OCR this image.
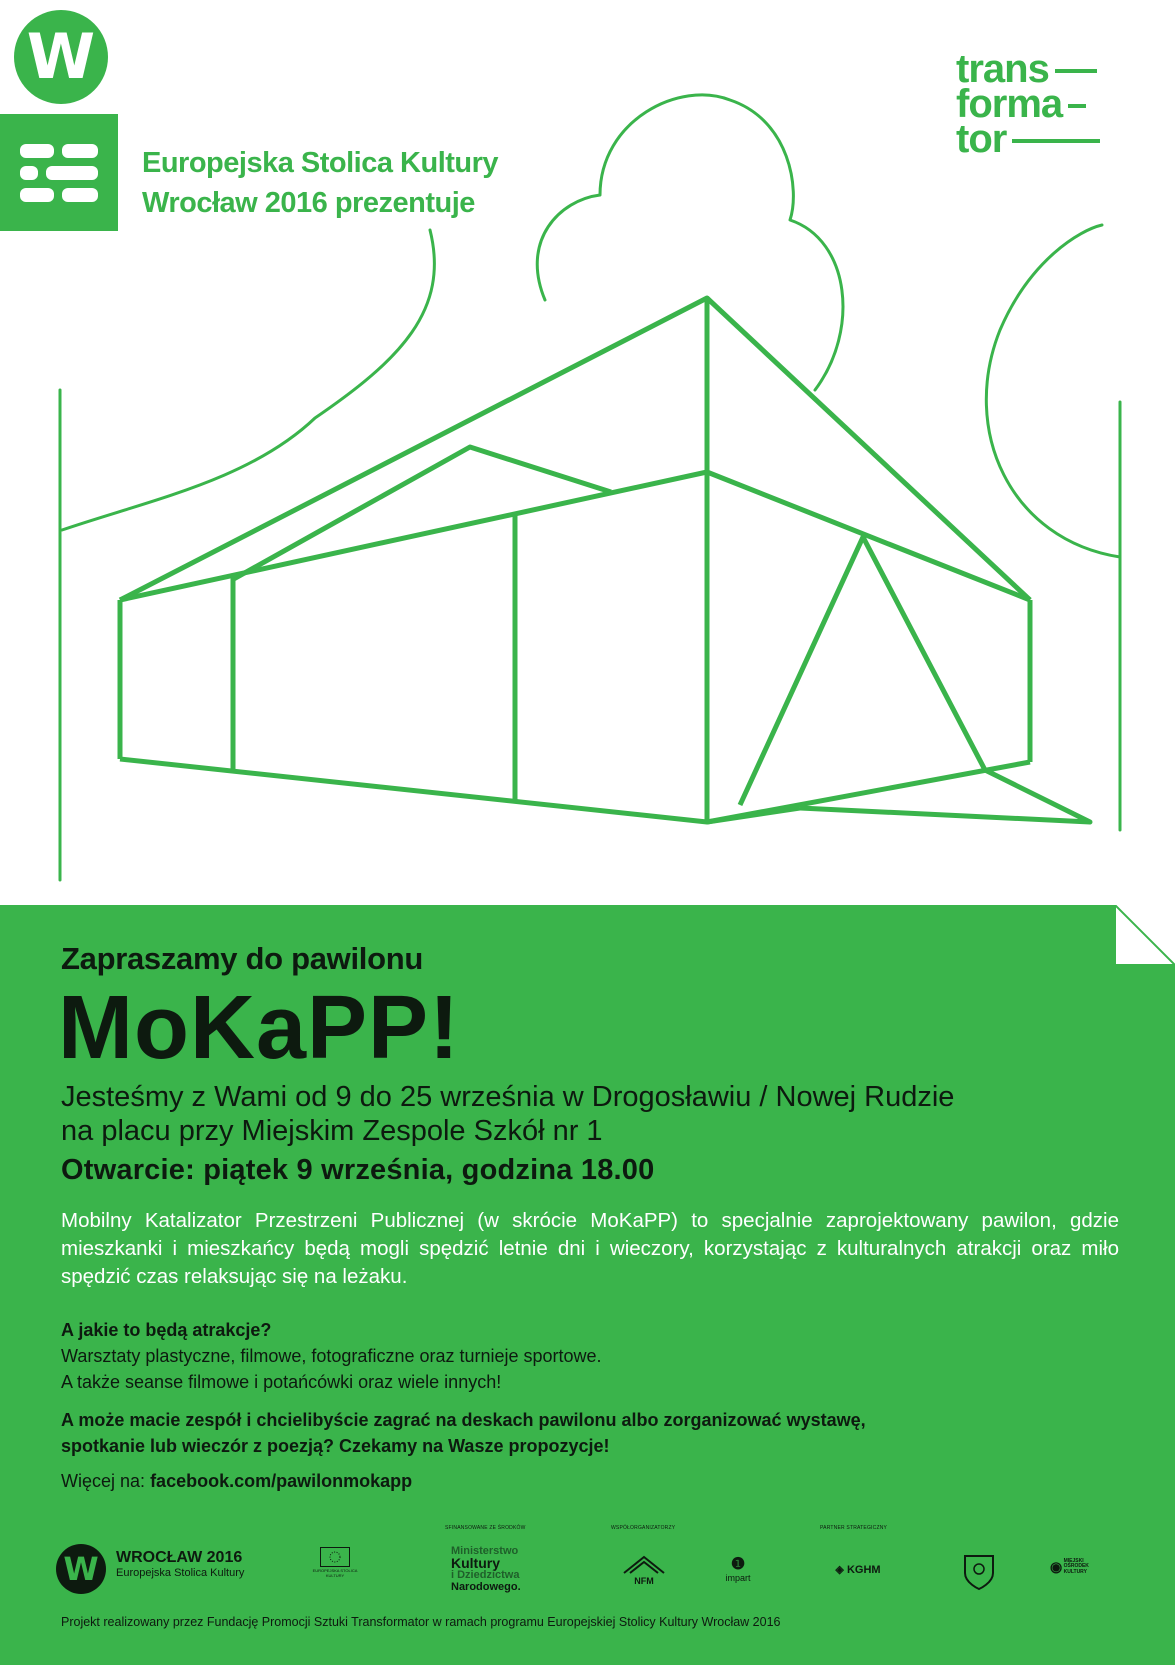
W
Europejska Stolica Kultury
Wrocław 2016 prezentuje
trans
forma
tor
Zapraszamy do pawilonu
MoKaPP!
Jesteśmy z Wami od 9 do 25 września w Drogosławiu / Nowej Rudzie
na placu przy Miejskim Zespole Szkół nr 1
Otwarcie: piątek 9 września, godzina 18.00
Mobilny Katalizator Przestrzeni Publicznej (w skrócie MoKaPP) to specjalnie zaprojektowany pawilon, gdzie mieszkanki i mieszkańcy będą mogli spędzić letnie dni i wieczory, korzystając z kulturalnych atrakcji oraz miło spędzić czas relaksując się na leżaku.
A jakie to będą atrakcje?
Warsztaty plastyczne, filmowe, fotograficzne oraz turnieje sportowe.
A także seanse filmowe i potańcówki oraz wiele innych!
A może macie zespół i chcielibyście zagrać na deskach pawilonu albo zorganizować wystawę,
spotkanie lub wieczór z poezją? Czekamy na Wasze propozycje!
Więcej na: facebook.com/pawilonmokapp
W	WROCŁAW 2016
Europejska Stolica Kultury	EUROPEJSKA STOLICA KULTURY
SFINANSOWANE ZE ŚRODKÓW
Ministerstwo
Kultury
i Dziedzictwa
Narodowego.
WSPÓŁORGANIZATORZY
NFM
❶
impart
PARTNER STRATEGICZNY
◈ KGHM	◉ MIEJSKI OŚRODEK KULTURY
Projekt realizowany przez Fundację Promocji Sztuki Transformator w ramach programu Europejskiej Stolicy Kultury Wrocław 2016
